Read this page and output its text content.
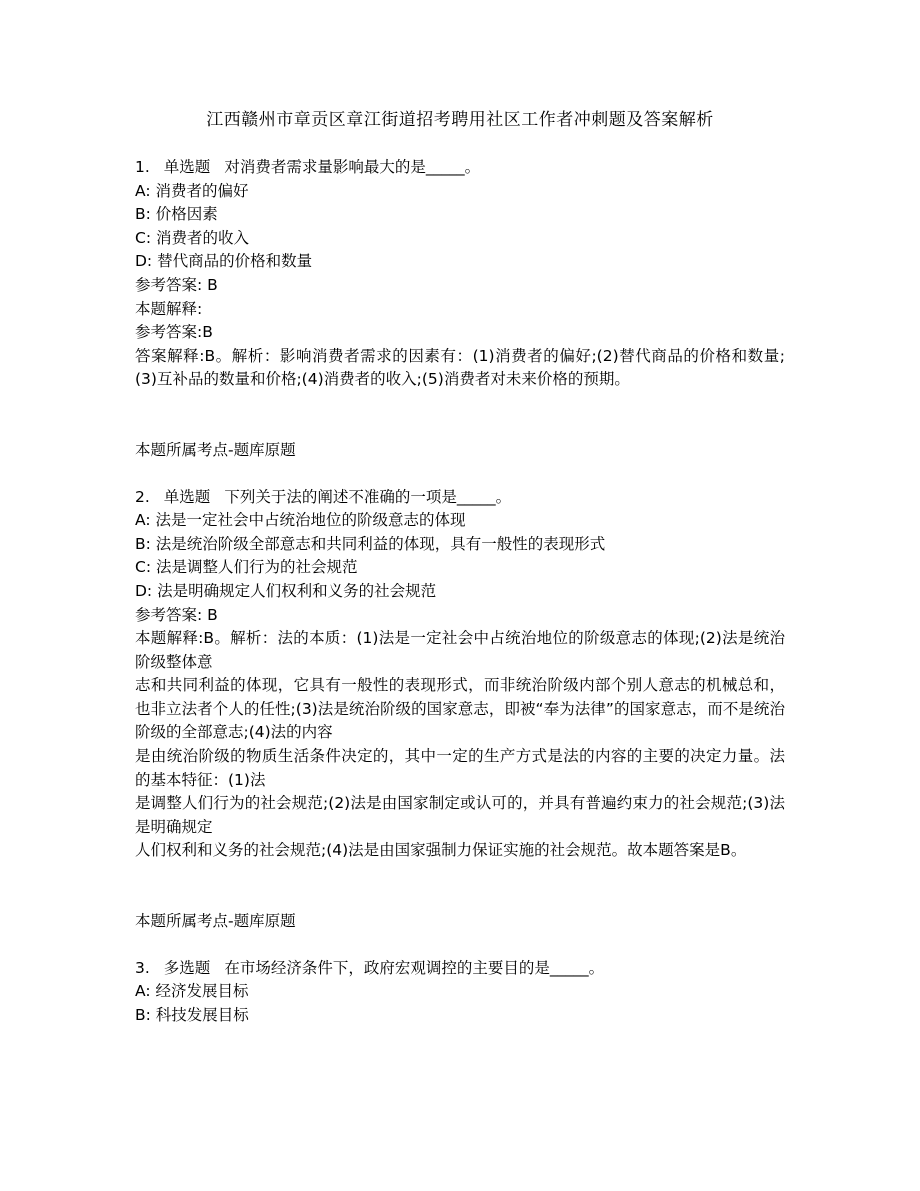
江西赣州市章贡区章江街道招考聘用社区工作者冲刺题及答案解析
1. 单选题 对消费者需求量影响最大的是_____。
A: 消费者的偏好
B: 价格因素
C: 消费者的收入
D: 替代商品的价格和数量
参考答案: B
本题解释:
参考答案:B
答案解释:B。解析：影响消费者需求的因素有：(1)消费者的偏好;(2)替代商品的价格和数量;(3)互补品的数量和价格;(4)消费者的收入;(5)消费者对未来价格的预期。
本题所属考点-题库原题
2. 单选题 下列关于法的阐述不准确的一项是_____。
A: 法是一定社会中占统治地位的阶级意志的体现
B: 法是统治阶级全部意志和共同利益的体现，具有一般性的表现形式
C: 法是调整人们行为的社会规范
D: 法是明确规定人们权利和义务的社会规范
参考答案: B
本题解释:B。解析：法的本质：(1)法是一定社会中占统治地位的阶级意志的体现;(2)法是统治阶级整体意
志和共同利益的体现，它具有一般性的表现形式，而非统治阶级内部个别人意志的机械总和，也非立法者个人的任性;(3)法是统治阶级的国家意志，即被“奉为法律”的国家意志，而不是统治阶级的全部意志;(4)法的内容
是由统治阶级的物质生活条件决定的，其中一定的生产方式是法的内容的主要的决定力量。法的基本特征：(1)法
是调整人们行为的社会规范;(2)法是由国家制定或认可的，并具有普遍约束力的社会规范;(3)法是明确规定
人们权利和义务的社会规范;(4)法是由国家强制力保证实施的社会规范。故本题答案是B。
本题所属考点-题库原题
3. 多选题 在市场经济条件下，政府宏观调控的主要目的是_____。
A: 经济发展目标
B: 科技发展目标
